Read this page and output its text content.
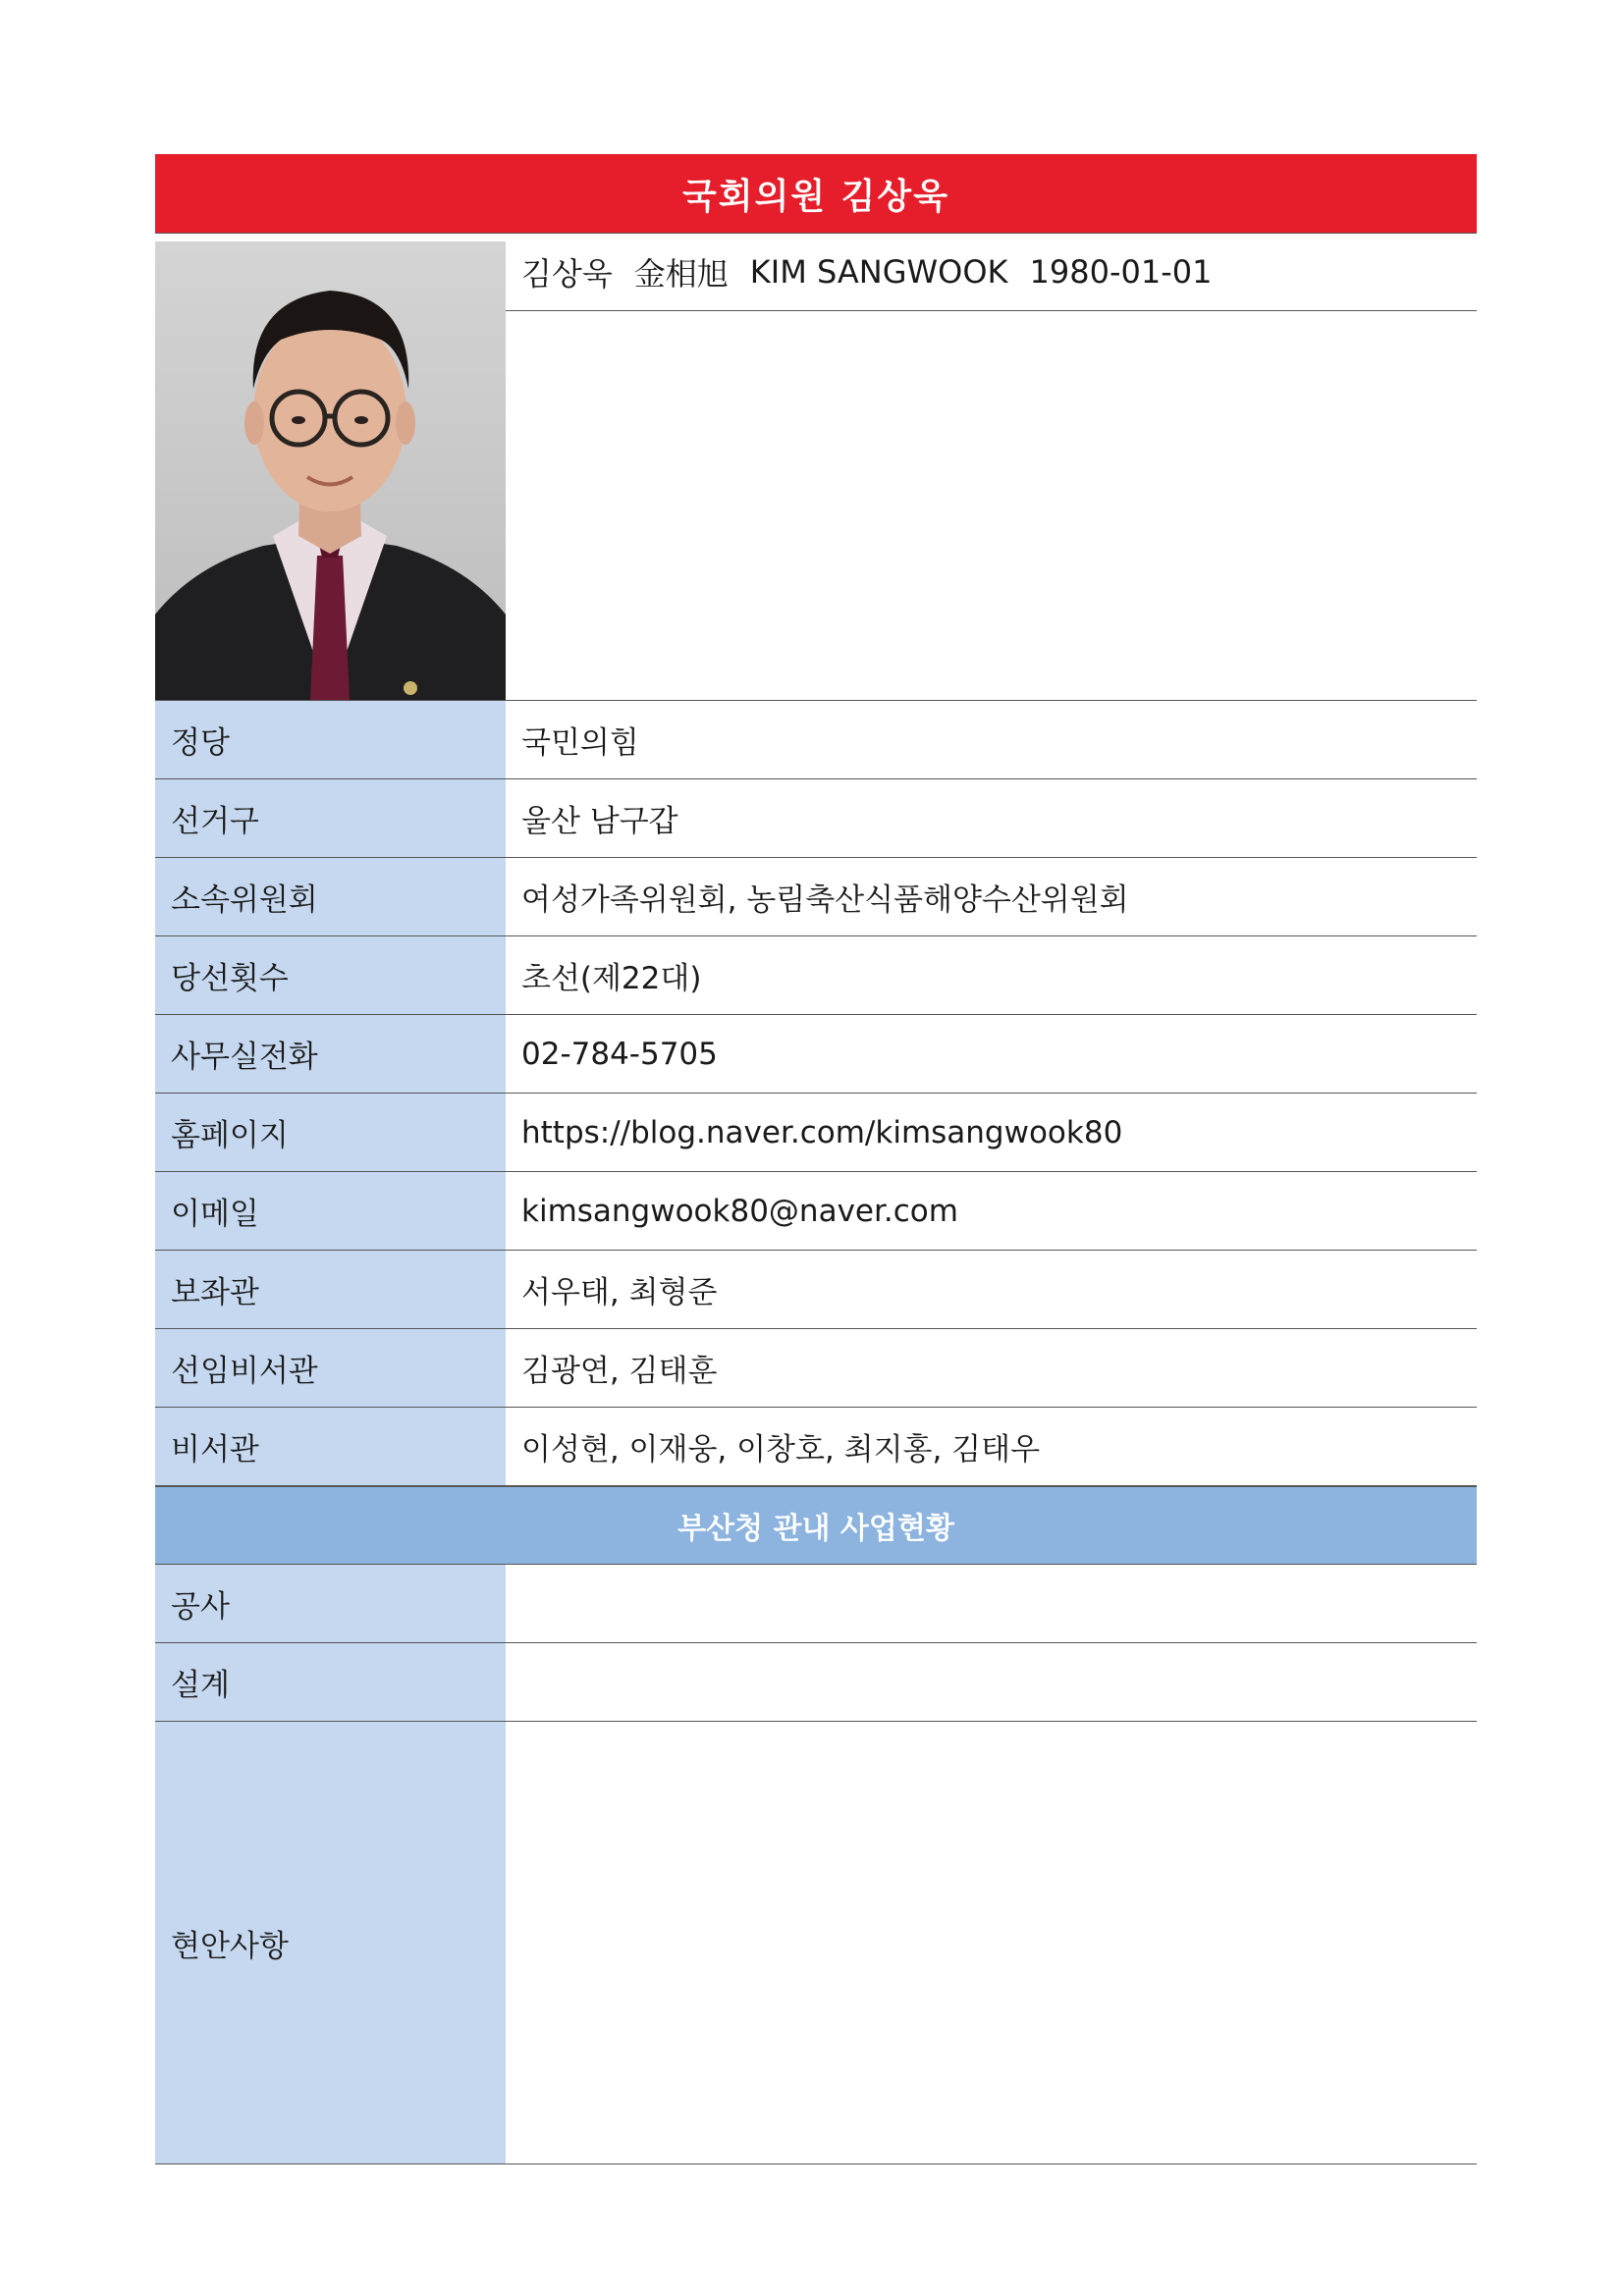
국회의원 김상욱
김상욱 金相旭 KIM SANGWOOK 1980-01-01
정당	국민의힘
선거구	울산 남구갑
소속위원회	여성가족위원회, 농림축산식품해양수산위원회
당선횟수	초선(제22대)
사무실전화	02-784-5705
홈페이지	https://blog.naver.com/kimsangwook80
이메일	kimsangwook80@naver.com
보좌관	서우태, 최형준
선임비서관	김광연, 김태훈
비서관	이성현, 이재웅, 이창호, 최지홍, 김태우
부산청 관내 사업현황
공사
설계
현안사항
